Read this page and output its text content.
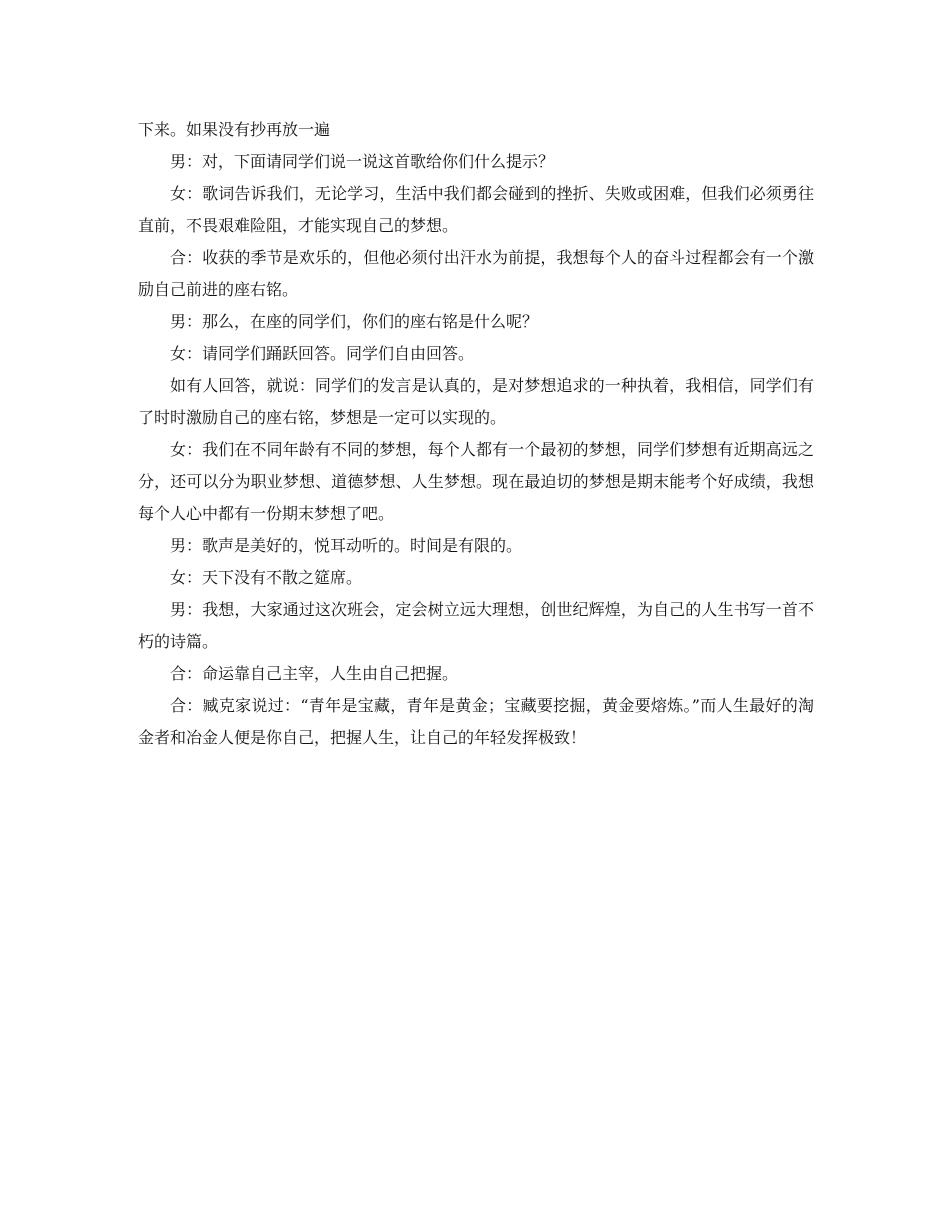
下来。如果没有抄再放一遍

男：对，下面请同学们说一说这首歌给你们什么提示？

女：歌词告诉我们，无论学习，生活中我们都会碰到的挫折、失败或困难，但我们必须勇往直前，不畏艰难险阻，才能实现自己的梦想。

合：收获的季节是欢乐的，但他必须付出汗水为前提，我想每个人的奋斗过程都会有一个激励自己前进的座右铭。

男：那么，在座的同学们，你们的座右铭是什么呢？

女：请同学们踊跃回答。同学们自由回答。

如有人回答，就说：同学们的发言是认真的，是对梦想追求的一种执着，我相信，同学们有了时时激励自己的座右铭，梦想是一定可以实现的。

女：我们在不同年龄有不同的梦想，每个人都有一个最初的梦想，同学们梦想有近期高远之分，还可以分为职业梦想、道德梦想、人生梦想。现在最迫切的梦想是期末能考个好成绩，我想每个人心中都有一份期末梦想了吧。

男：歌声是美好的，悦耳动听的。时间是有限的。

女：天下没有不散之筵席。

男：我想，大家通过这次班会，定会树立远大理想，创世纪辉煌，为自己的人生书写一首不朽的诗篇。

合：命运靠自己主宰，人生由自己把握。

合：臧克家说过：“青年是宝藏，青年是黄金；宝藏要挖掘，黄金要熔炼。”而人生最好的淘金者和冶金人便是你自己，把握人生，让自己的年轻发挥极致！
